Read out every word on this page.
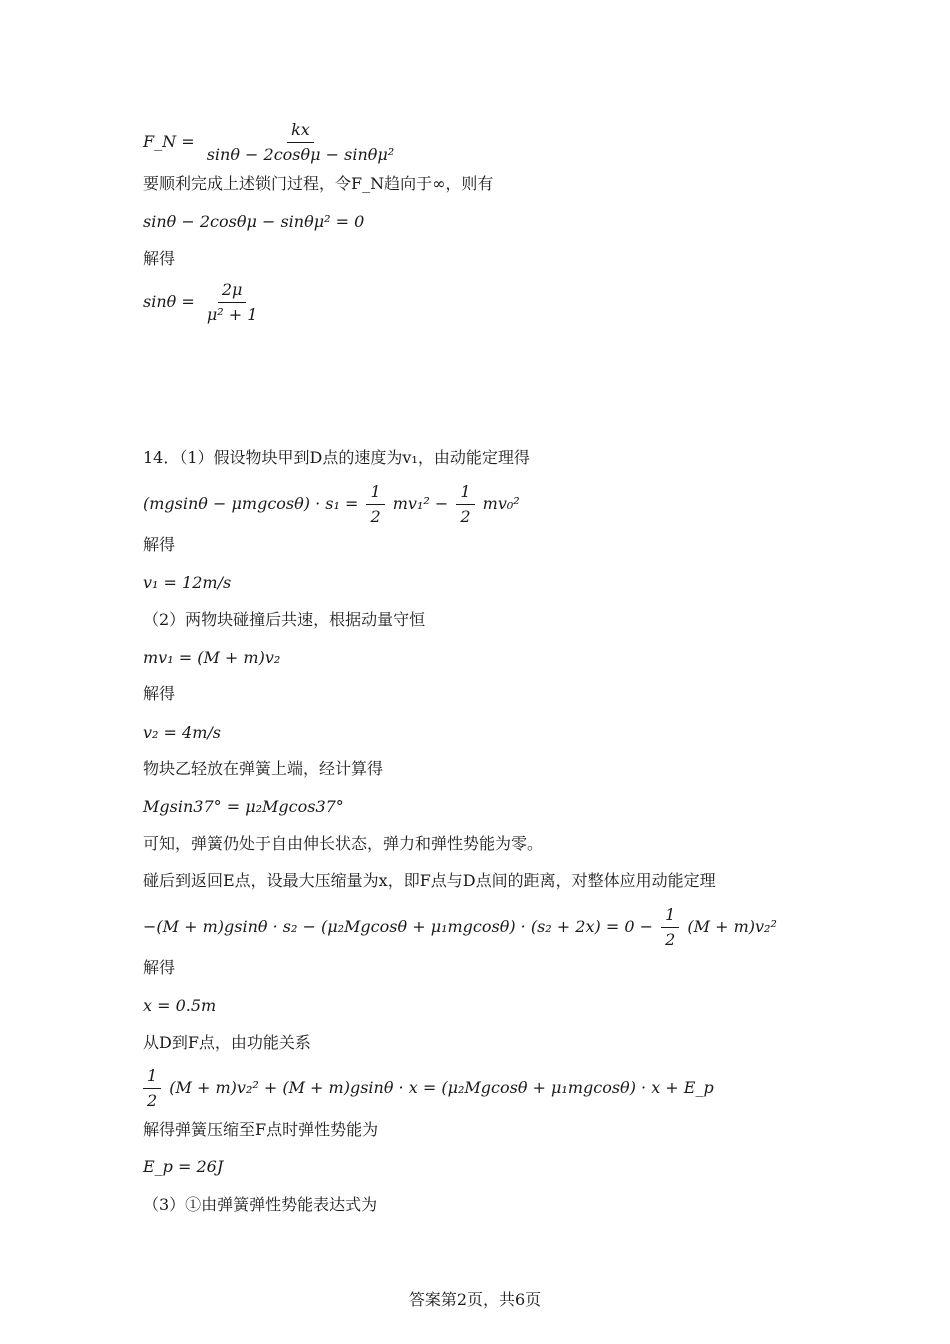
F_N = $\frac{kx}{\text{sinθ − 2cosθμ − sinθμ²}}$
要顺利完成上述锁门过程，令F_N趋向于∞，则有
sinθ − 2cosθμ − sinθμ² = 0
解得
$\sin\theta = \frac{2\mu}{\text{μ² + 1}}$
14．（1）假设物块甲到D点的速度为v₁，由动能定理得
$(mgsin\theta - \mu mgcos\theta) \cdot s_1 = \frac{1}{2} mv_1^2 - \frac{1}{2} mv_0^2$
解得
v₁ = 12m/s
（2）两物块碰撞后共速，根据动量守恒
mv₁ = (M + m)v₂
解得
v₂ = 4m/s
物块乙轻放在弹簧上端，经计算得
Mgsin37° = μ₂Mgcos37°
可知，弹簧仍处于自由伸长状态，弹力和弹性势能为零。
碰后到返回E点，设最大压缩量为x，即F点与D点间的距离，对整体应用动能定理
$-(M + m)gsin\theta \cdot s_2 - (\mu_2Mgcos\theta + \mu_1mgcos\theta) \cdot (s_2 + 2x) = 0 - \frac{1}{2} (M + m)v_2^2$
解得
x = 0.5m
从D到F点，由功能关系
$\frac{1}{2} (M + m)v_2^2 + (M + m)gsin\theta \cdot x = (\mu_2Mgcos\theta + \mu_1mgcos\theta) \cdot x$ + E_p
解得弹簧压缩至F点时弹性势能为
E_p = 26J
（3）①由弹簧弹性势能表达式为
答案第2页，共6页
